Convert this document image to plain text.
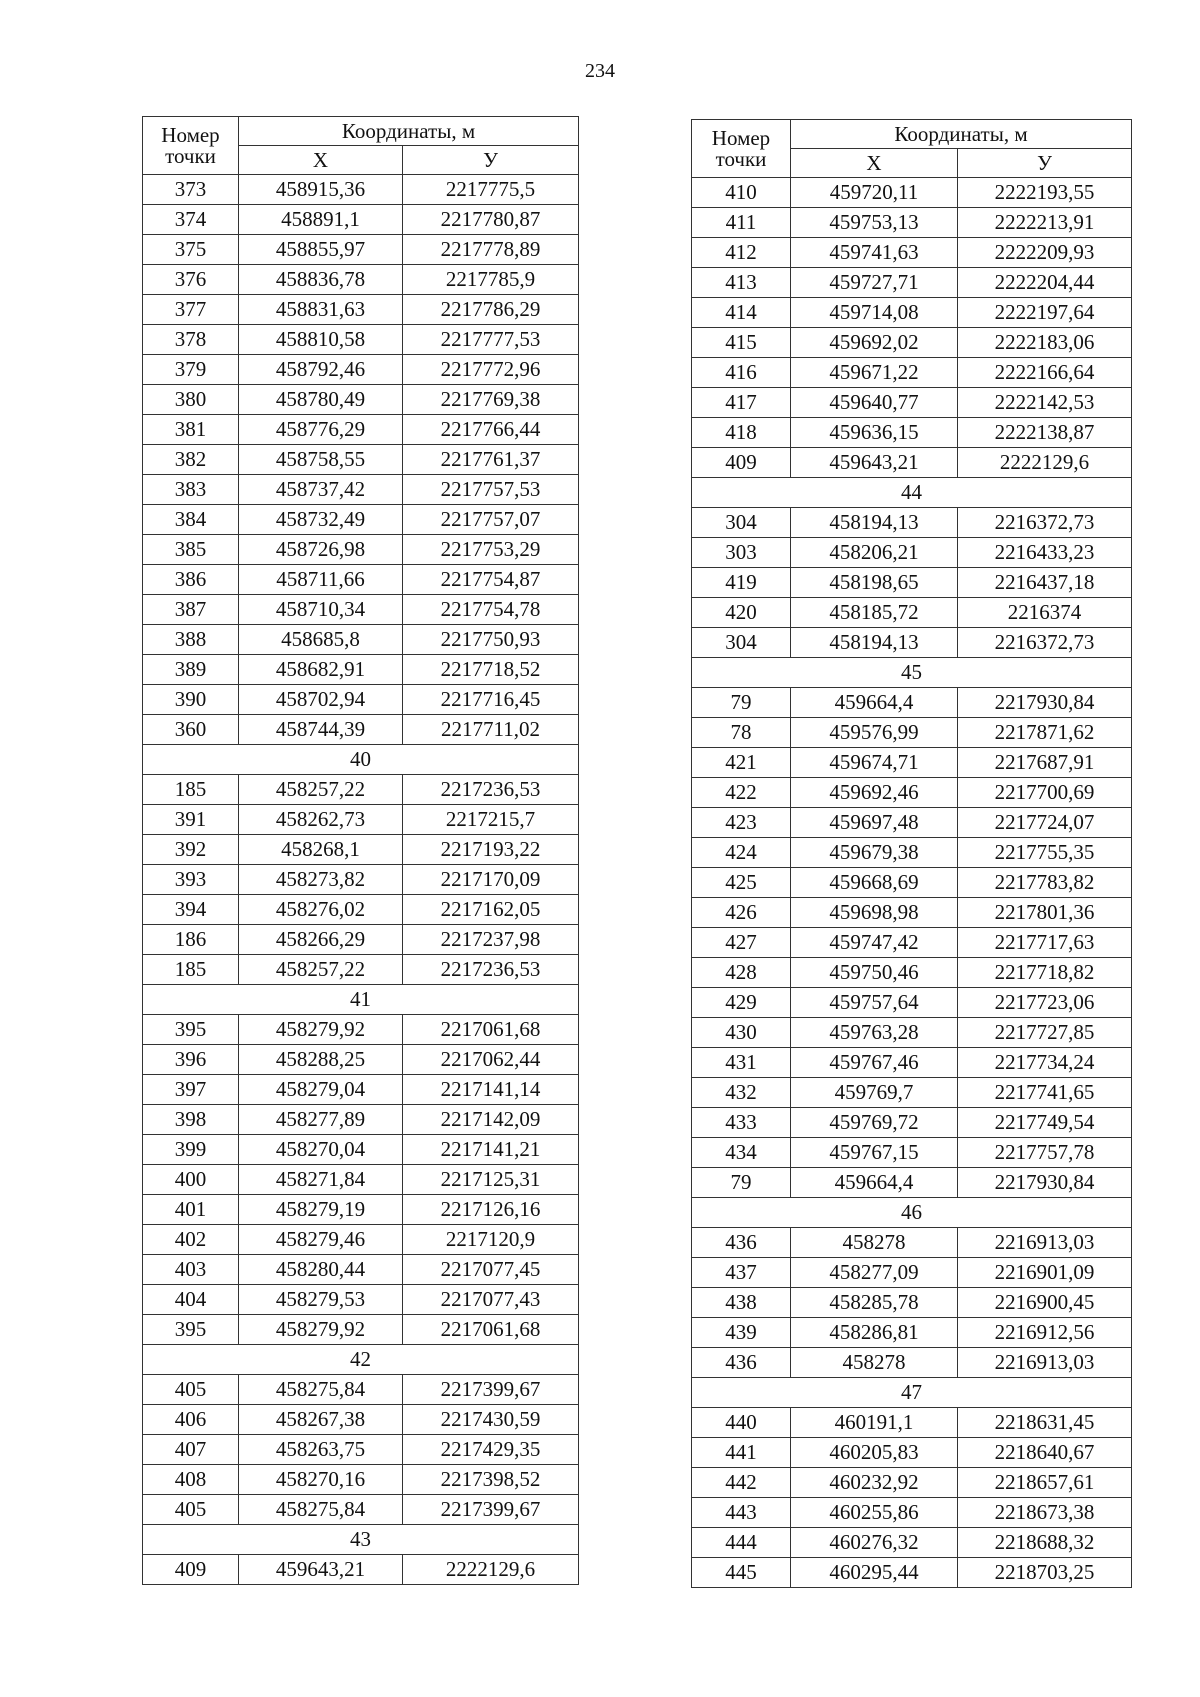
234
Номер
точки	Координаты, м	
	Х	У
373	458915,36	2217775,5
374	458891,1	2217780,87
375	458855,97	2217778,89
376	458836,78	2217785,9
377	458831,63	2217786,29
378	458810,58	2217777,53
379	458792,46	2217772,96
380	458780,49	2217769,38
381	458776,29	2217766,44
382	458758,55	2217761,37
383	458737,42	2217757,53
384	458732,49	2217757,07
385	458726,98	2217753,29
386	458711,66	2217754,87
387	458710,34	2217754,78
388	458685,8	2217750,93
389	458682,91	2217718,52
390	458702,94	2217716,45
360	458744,39	2217711,02
40		
185	458257,22	2217236,53
391	458262,73	2217215,7
392	458268,1	2217193,22
393	458273,82	2217170,09
394	458276,02	2217162,05
186	458266,29	2217237,98
185	458257,22	2217236,53
41		
395	458279,92	2217061,68
396	458288,25	2217062,44
397	458279,04	2217141,14
398	458277,89	2217142,09
399	458270,04	2217141,21
400	458271,84	2217125,31
401	458279,19	2217126,16
402	458279,46	2217120,9
403	458280,44	2217077,45
404	458279,53	2217077,43
395	458279,92	2217061,68
42		
405	458275,84	2217399,67
406	458267,38	2217430,59
407	458263,75	2217429,35
408	458270,16	2217398,52
405	458275,84	2217399,67
43		
409	459643,21	2222129,6
Номер
точки	Координаты, м	
	Х	У
410	459720,11	2222193,55
411	459753,13	2222213,91
412	459741,63	2222209,93
413	459727,71	2222204,44
414	459714,08	2222197,64
415	459692,02	2222183,06
416	459671,22	2222166,64
417	459640,77	2222142,53
418	459636,15	2222138,87
409	459643,21	2222129,6
44		
304	458194,13	2216372,73
303	458206,21	2216433,23
419	458198,65	2216437,18
420	458185,72	2216374
304	458194,13	2216372,73
45		
79	459664,4	2217930,84
78	459576,99	2217871,62
421	459674,71	2217687,91
422	459692,46	2217700,69
423	459697,48	2217724,07
424	459679,38	2217755,35
425	459668,69	2217783,82
426	459698,98	2217801,36
427	459747,42	2217717,63
428	459750,46	2217718,82
429	459757,64	2217723,06
430	459763,28	2217727,85
431	459767,46	2217734,24
432	459769,7	2217741,65
433	459769,72	2217749,54
434	459767,15	2217757,78
79	459664,4	2217930,84
46		
436	458278	2216913,03
437	458277,09	2216901,09
438	458285,78	2216900,45
439	458286,81	2216912,56
436	458278	2216913,03
47		
440	460191,1	2218631,45
441	460205,83	2218640,67
442	460232,92	2218657,61
443	460255,86	2218673,38
444	460276,32	2218688,32
445	460295,44	2218703,25
